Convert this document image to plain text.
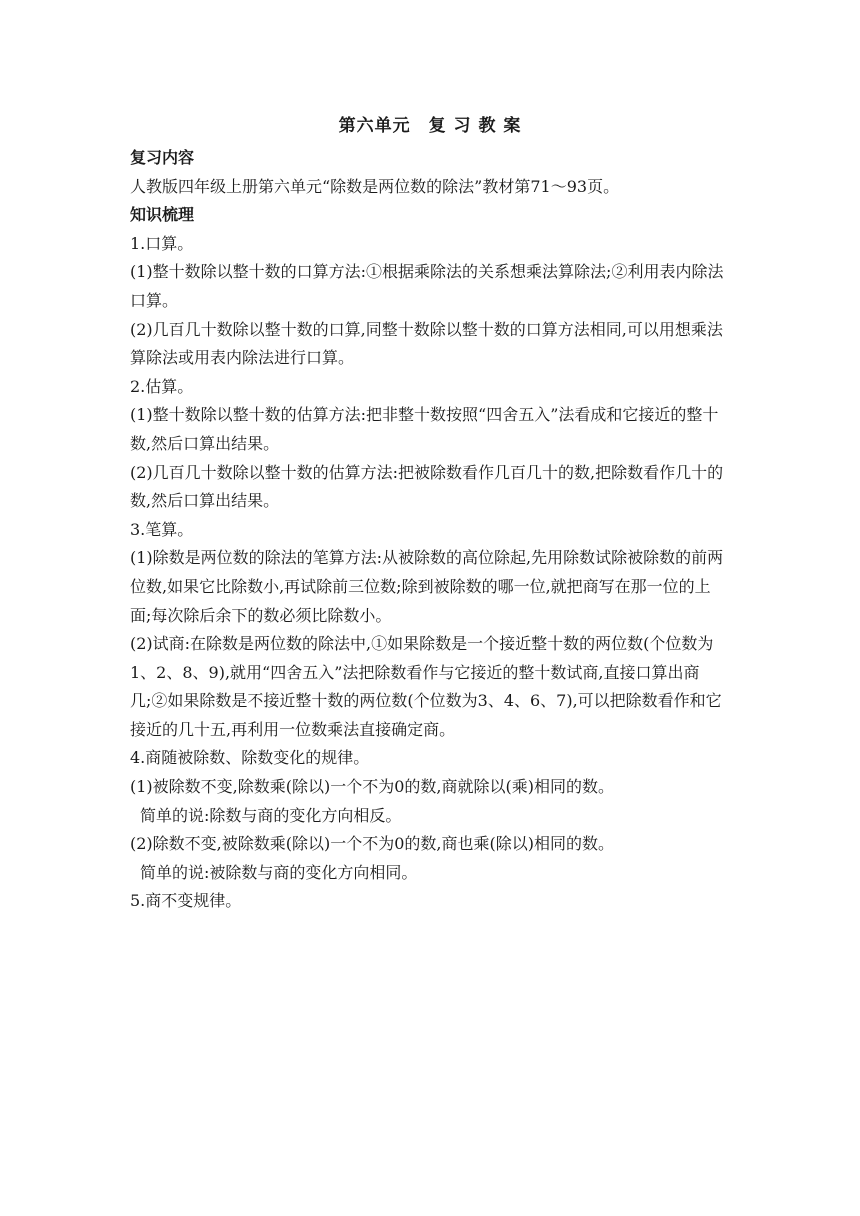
第六单元　复 习 教 案

复习内容

人教版四年级上册第六单元“除数是两位数的除法”教材第71～93页。

知识梳理

1.口算。

(1)整十数除以整十数的口算方法:①根据乘除法的关系想乘法算除法;②利用表内除法口算。

(2)几百几十数除以整十数的口算,同整十数除以整十数的口算方法相同,可以用想乘法算除法或用表内除法进行口算。

2.估算。

(1)整十数除以整十数的估算方法:把非整十数按照“四舍五入”法看成和它接近的整十数,然后口算出结果。

(2)几百几十数除以整十数的估算方法:把被除数看作几百几十的数,把除数看作几十的数,然后口算出结果。

3.笔算。

(1)除数是两位数的除法的笔算方法:从被除数的高位除起,先用除数试除被除数的前两位数,如果它比除数小,再试除前三位数;除到被除数的哪一位,就把商写在那一位的上面;每次除后余下的数必须比除数小。

(2)试商:在除数是两位数的除法中,①如果除数是一个接近整十数的两位数(个位数为1、2、8、9),就用“四舍五入”法把除数看作与它接近的整十数试商,直接口算出商几;②如果除数是不接近整十数的两位数(个位数为3、4、6、7),可以把除数看作和它接近的几十五,再利用一位数乘法直接确定商。

4.商随被除数、除数变化的规律。

(1)被除数不变,除数乘(除以)一个不为0的数,商就除以(乘)相同的数。

简单的说:除数与商的变化方向相反。

(2)除数不变,被除数乘(除以)一个不为0的数,商也乘(除以)相同的数。

简单的说:被除数与商的变化方向相同。

5.商不变规律。
